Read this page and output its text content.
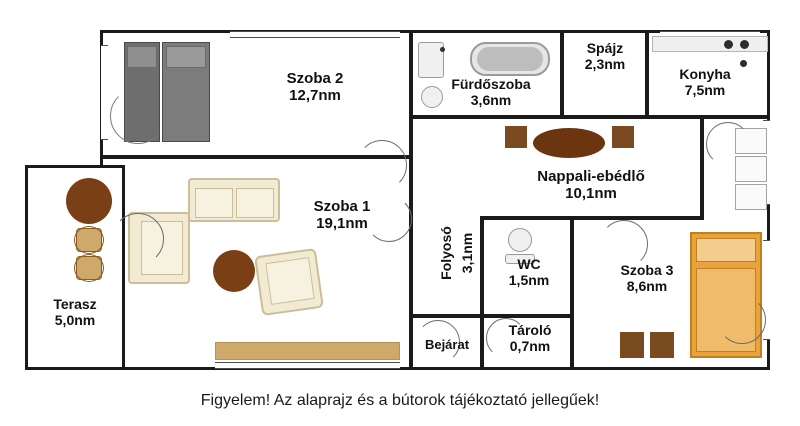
Szoba 2
12,7nm
Fürdőszoba
3,6nm
Spájz
2,3nm
Konyha
7,5nm
Nappali-ebédlő
10,1nm
Szoba 1
19,1nm
Folyosó 3,1nm	WC
1,5nm
Szoba 3
8,6nm
Terasz
5,0nm
Tároló
0,7nm
Bejárat
Figyelem! Az alaprajz és a bútorok tájékoztató jellegűek!
